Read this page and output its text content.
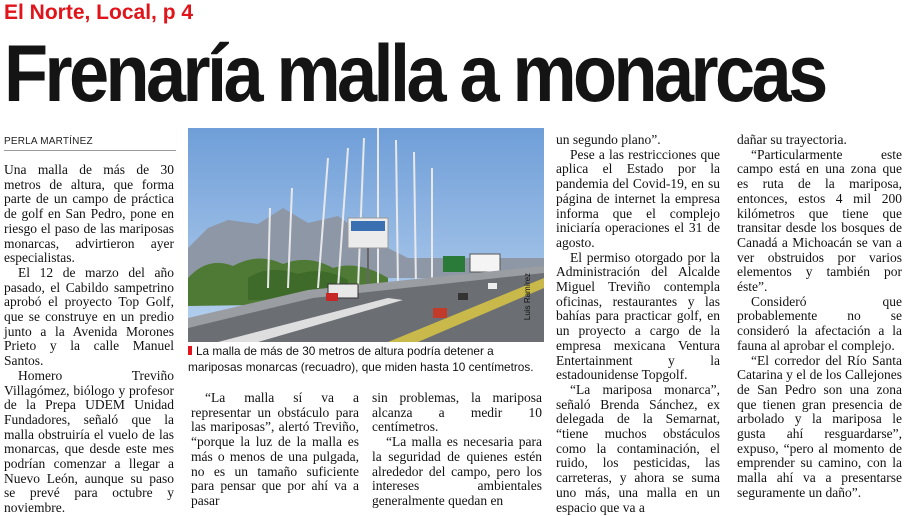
El Norte, Local, p 4
Frenaría malla a monarcas
PERLA MARTÍNEZ

Una malla de más de 30 metros de altura, que forma parte de un campo de práctica de golf en San Pedro, pone en riesgo el paso de las mariposas monarcas, advirtieron ayer especialistas.

El 12 de marzo del año pasado, el Cabildo sampetrino aprobó el proyecto Top Golf, que se construye en un predio junto a la Avenida Morones Prieto y la calle Manuel Santos.

Homero Treviño Villagómez, biólogo y profesor de la Prepa UDEM Unidad Fundadores, señaló que la malla obstruiría el vuelo de las monarcas, que desde este mes podrían comenzar a llegar a Nuevo León, aunque su paso se prevé para octubre y noviembre.

Luis Ramírez
La malla de más de 30 metros de altura podría detener a mariposas monarcas (recuadro), que miden hasta 10 centímetros.

“La malla sí va a representar un obstáculo para las mariposas”, alertó Treviño, “porque la luz de la malla es más o menos de una pulgada, no es un tamaño suficiente para pensar que por ahí va a pasar

sin problemas, la mariposa alcanza a medir 10 centímetros.

“La malla es necesaria para la seguridad de quienes estén alrededor del campo, pero los intereses ambientales generalmente quedan en

un segundo plano”.

Pese a las restricciones que aplica el Estado por la pandemia del Covid-19, en su página de internet la empresa informa que el complejo iniciaría operaciones el 31 de agosto.

El permiso otorgado por la Administración del Alcalde Miguel Treviño contempla oficinas, restaurantes y las bahías para practicar golf, en un proyecto a cargo de la empresa mexicana Ventura Entertainment y la estadounidense Topgolf.

“La mariposa monarca”, señaló Brenda Sánchez, ex delegada de la Semarnat, “tiene muchos obstáculos como la contaminación, el ruido, los pesticidas, las carreteras, y ahora se suma uno más, una malla en un espacio que va a

dañar su trayectoria.

“Particularmente este campo está en una zona que es ruta de la mariposa, entonces, estos 4 mil 200 kilómetros que tiene que transitar desde los bosques de Canadá a Michoacán se van a ver obstruidos por varios elementos y también por éste”.

Consideró que probablemente no se consideró la afectación a la fauna al aprobar el complejo.

“El corredor del Río Santa Catarina y el de los Callejones de San Pedro son una zona que tienen gran presencia de arbolado y la mariposa le gusta ahí resguardarse”, expuso, “pero al momento de emprender su camino, con la malla ahí va a presentarse seguramente un daño”.
